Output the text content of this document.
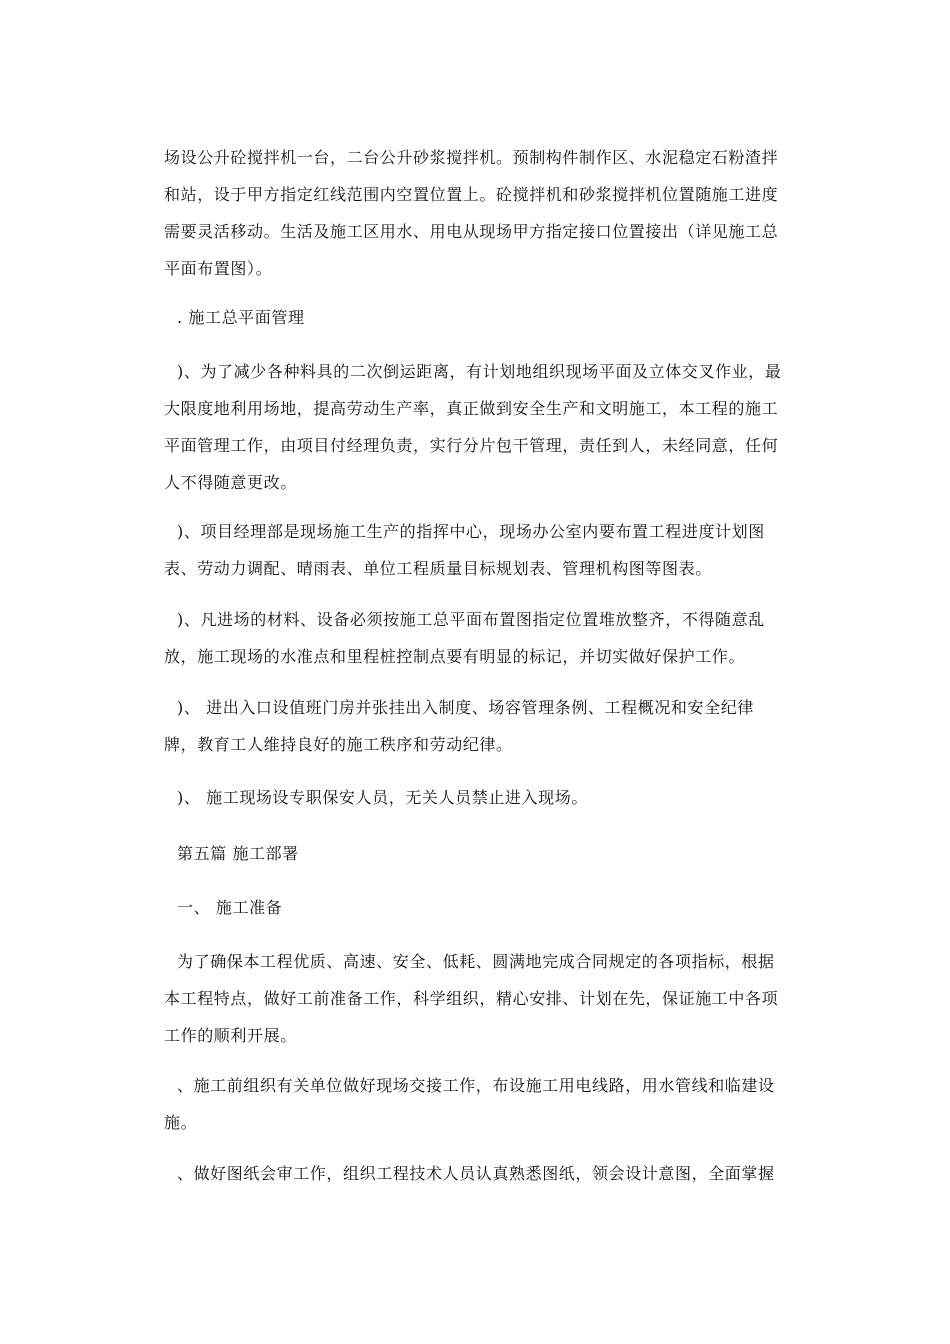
场设公升砼搅拌机一台，二台公升砂浆搅拌机。预制构件制作区、水泥稳定石粉渣拌
和站，设于甲方指定红线范围内空置位置上。砼搅拌机和砂浆搅拌机位置随施工进度
需要灵活移动。生活及施工区用水、用电从现场甲方指定接口位置接出（详见施工总
平面布置图）。
. 施工总平面管理
)、为了减少各种料具的二次倒运距离，有计划地组织现场平面及立体交叉作业，最
大限度地利用场地，提高劳动生产率，真正做到安全生产和文明施工，本工程的施工
平面管理工作，由项目付经理负责，实行分片包干管理，责任到人，未经同意，任何
人不得随意更改。
)、项目经理部是现场施工生产的指挥中心，现场办公室内要布置工程进度计划图
表、劳动力调配、晴雨表、单位工程质量目标规划表、管理机构图等图表。
)、凡进场的材料、设备必须按施工总平面布置图指定位置堆放整齐，不得随意乱
放，施工现场的水准点和里程桩控制点要有明显的标记，并切实做好保护工作。
)、 进出入口设值班门房并张挂出入制度、场容管理条例、工程概况和安全纪律
牌，教育工人维持良好的施工秩序和劳动纪律。
)、 施工现场设专职保安人员，无关人员禁止进入现场。
第五篇 施工部署
一、 施工准备
为了确保本工程优质、高速、安全、低耗、圆满地完成合同规定的各项指标，根据
本工程特点，做好工前准备工作，科学组织，精心安排、计划在先，保证施工中各项
工作的顺利开展。
、施工前组织有关单位做好现场交接工作，布设施工用电线路，用水管线和临建设
施。
、做好图纸会审工作，组织工程技术人员认真熟悉图纸，领会设计意图，全面掌握
